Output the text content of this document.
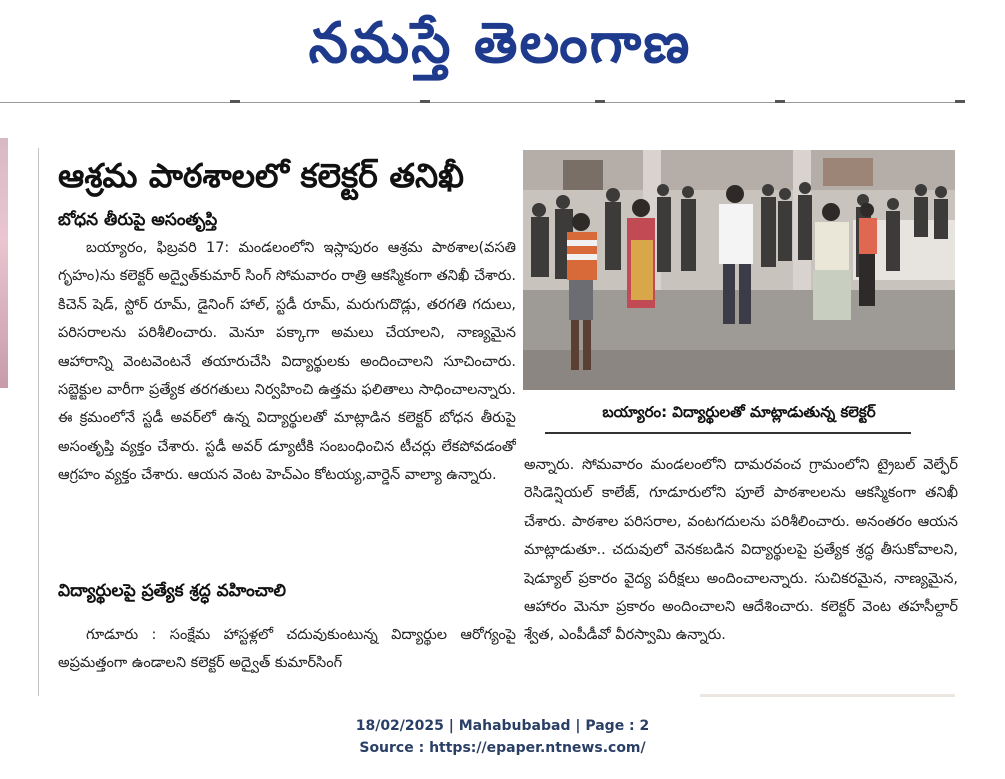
నమస్తే తెలంగాణ
ఆశ్రమ పాఠశాలలో కలెక్టర్ తనిఖీ
బోధన తీరుపై అసంతృప్తి

బయ్యారం, ఫిబ్రవరి 17: మండలంలోని ఇస్లాపురం ఆశ్రమ పాఠశాల(వసతి గృహం)ను కలెక్టర్ అద్వైత్‌కుమార్ సింగ్ సోమవారం రాత్రి ఆకస్మికంగా తనిఖీ చేశారు. కిచెన్ షెడ్, స్టోర్ రూమ్, డైనింగ్ హాల్, స్టడీ రూమ్, మరుగుదొడ్లు, తరగతి గదులు, పరిసరాలను పరిశీలించారు. మెనూ పక్కాగా అమలు చేయాలని, నాణ్యమైన ఆహారాన్ని వెంటవెంటనే తయారుచేసి విద్యార్థులకు అందించాలని సూచించారు. సబ్జెక్టుల వారీగా ప్రత్యేక తరగతులు నిర్వహించి ఉత్తమ ఫలితాలు సాధించాలన్నారు. ఈ క్రమంలోనే స్టడీ అవర్‌లో ఉన్న విద్యార్థులతో మాట్లాడిన కలెక్టర్ బోధన తీరుపై అసంతృప్తి వ్యక్తం చేశారు. స్టడీ అవర్ డ్యూటీకి సంబంధించిన టీచర్లు లేకపోవడంతో ఆగ్రహం వ్యక్తం చేశారు. ఆయన వెంట హెచ్‌ఎం కోటయ్య,వార్డెన్ వాల్యా ఉన్నారు.

విద్యార్థులపై ప్రత్యేక శ్రద్ధ వహించాలి

గూడూరు : సంక్షేమ హాస్టళ్లలో చదువుకుంటున్న విద్యార్థుల ఆరోగ్యంపై అప్రమత్తంగా ఉండాలని కలెక్టర్ అద్వైత్ కుమార్‌సింగ్

బయ్యారం: విద్యార్థులతో మాట్లాడుతున్న కలెక్టర్

అన్నారు. సోమవారం మండలంలోని దామరవంచ గ్రామంలోని ట్రైబల్ వెల్ఫేర్ రెసిడెన్షియల్ కాలేజ్, గూడూరులోని పూలే పాఠశాలలను ఆకస్మికంగా తనిఖీ చేశారు. పాఠశాల పరిసరాల, వంటగదులను పరిశీలించారు. అనంతరం ఆయన మాట్లాడుతూ.. చదువులో వెనకబడిన విద్యార్థులపై ప్రత్యేక శ్రద్ధ తీసుకోవాలని, షెడ్యూల్ ప్రకారం వైద్య పరీక్షలు అందించాలన్నారు. సుచికరమైన, నాణ్యమైన, ఆహారం మెనూ ప్రకారం అందించాలని ఆదేశించారు. కలెక్టర్ వెంట తహసీల్దార్ శ్వేత, ఎంపీడీవో వీరస్వామి ఉన్నారు.

18/02/2025 | Mahabubabad | Page : 2
Source : https://epaper.ntnews.com/
